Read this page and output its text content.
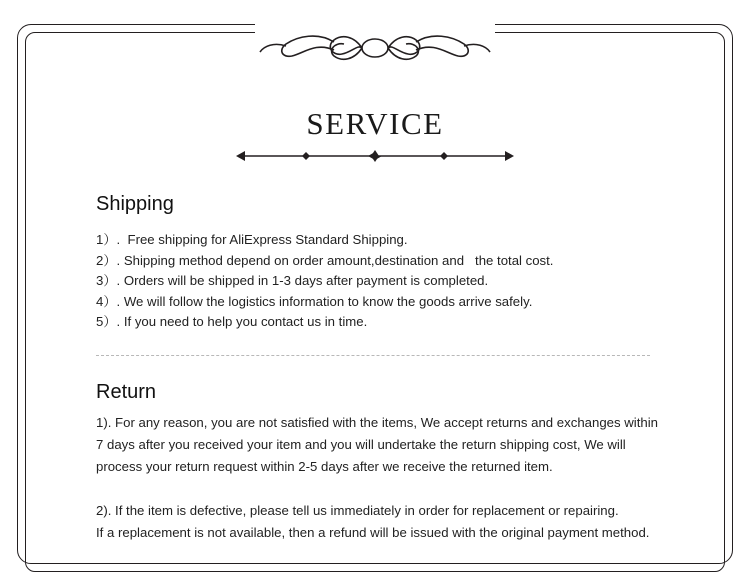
SERVICE
Shipping
1）.  Free shipping for AliExpress Standard Shipping.
2）. Shipping method depend on order amount,destination and   the total cost.
3）. Orders will be shipped in 1-3 days after payment is completed.
4）. We will follow the logistics information to know the goods arrive safely.
5）. If you need to help you contact us in time.
Return

1). For any reason, you are not satisfied with the items, We accept returns and exchanges within 7 days after you received your item and you will undertake the return shipping cost, We will process your return request within 2-5 days after we receive the returned item.

2). If the item is defective, please tell us immediately in order for replacement or repairing.

If a replacement is not available, then a refund will be issued with the original payment method.
